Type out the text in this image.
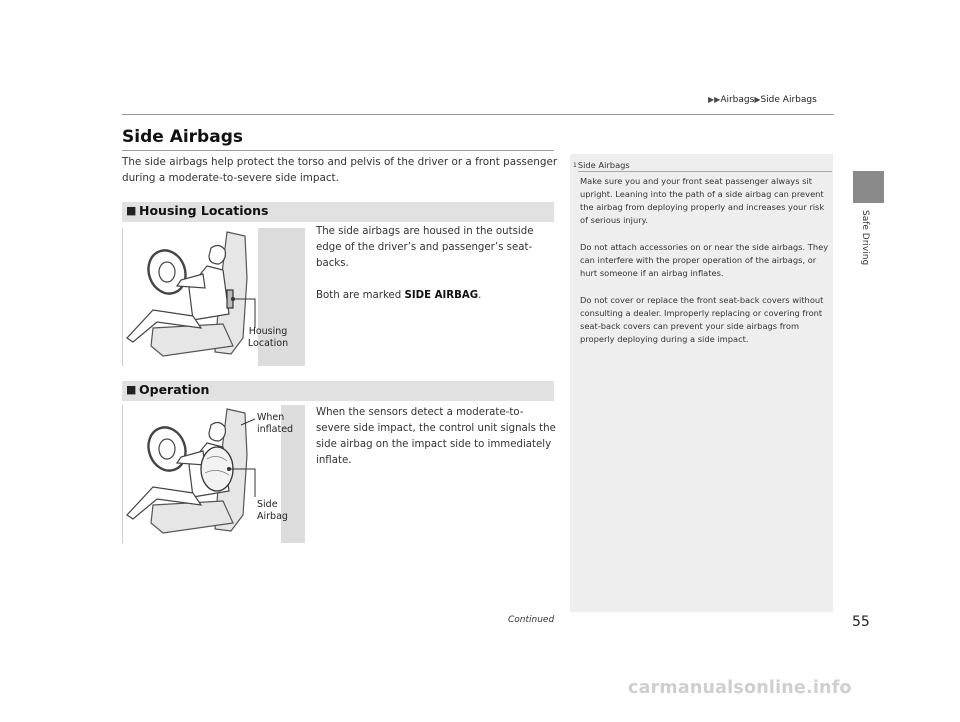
▶▶Airbags▶Side Airbags
Safe Driving
Side Airbags
The side airbags help protect the torso and pelvis of the driver or a front passenger during a moderate-to-severe side impact.
■ Housing Locations
Housing
Location
The side airbags are housed in the outside edge of the driver’s and passenger’s seat-backs.
Both are marked SIDE AIRBAG.
■ Operation
When
inflated
Side
Airbag
When the sensors detect a moderate-to-severe side impact, the control unit signals the side airbag on the impact side to immediately inflate.
1Side Airbags
Make sure you and your front seat passenger always sit upright. Leaning into the path of a side airbag can prevent the airbag from deploying properly and increases your risk of serious injury.
Do not attach accessories on or near the side airbags. They can interfere with the proper operation of the airbags, or hurt someone if an airbag inflates.
Do not cover or replace the front seat-back covers without consulting a dealer. Improperly replacing or covering front seat-back covers can prevent your side airbags from properly deploying during a side impact.
Continued	55
carmanualsonline.info
